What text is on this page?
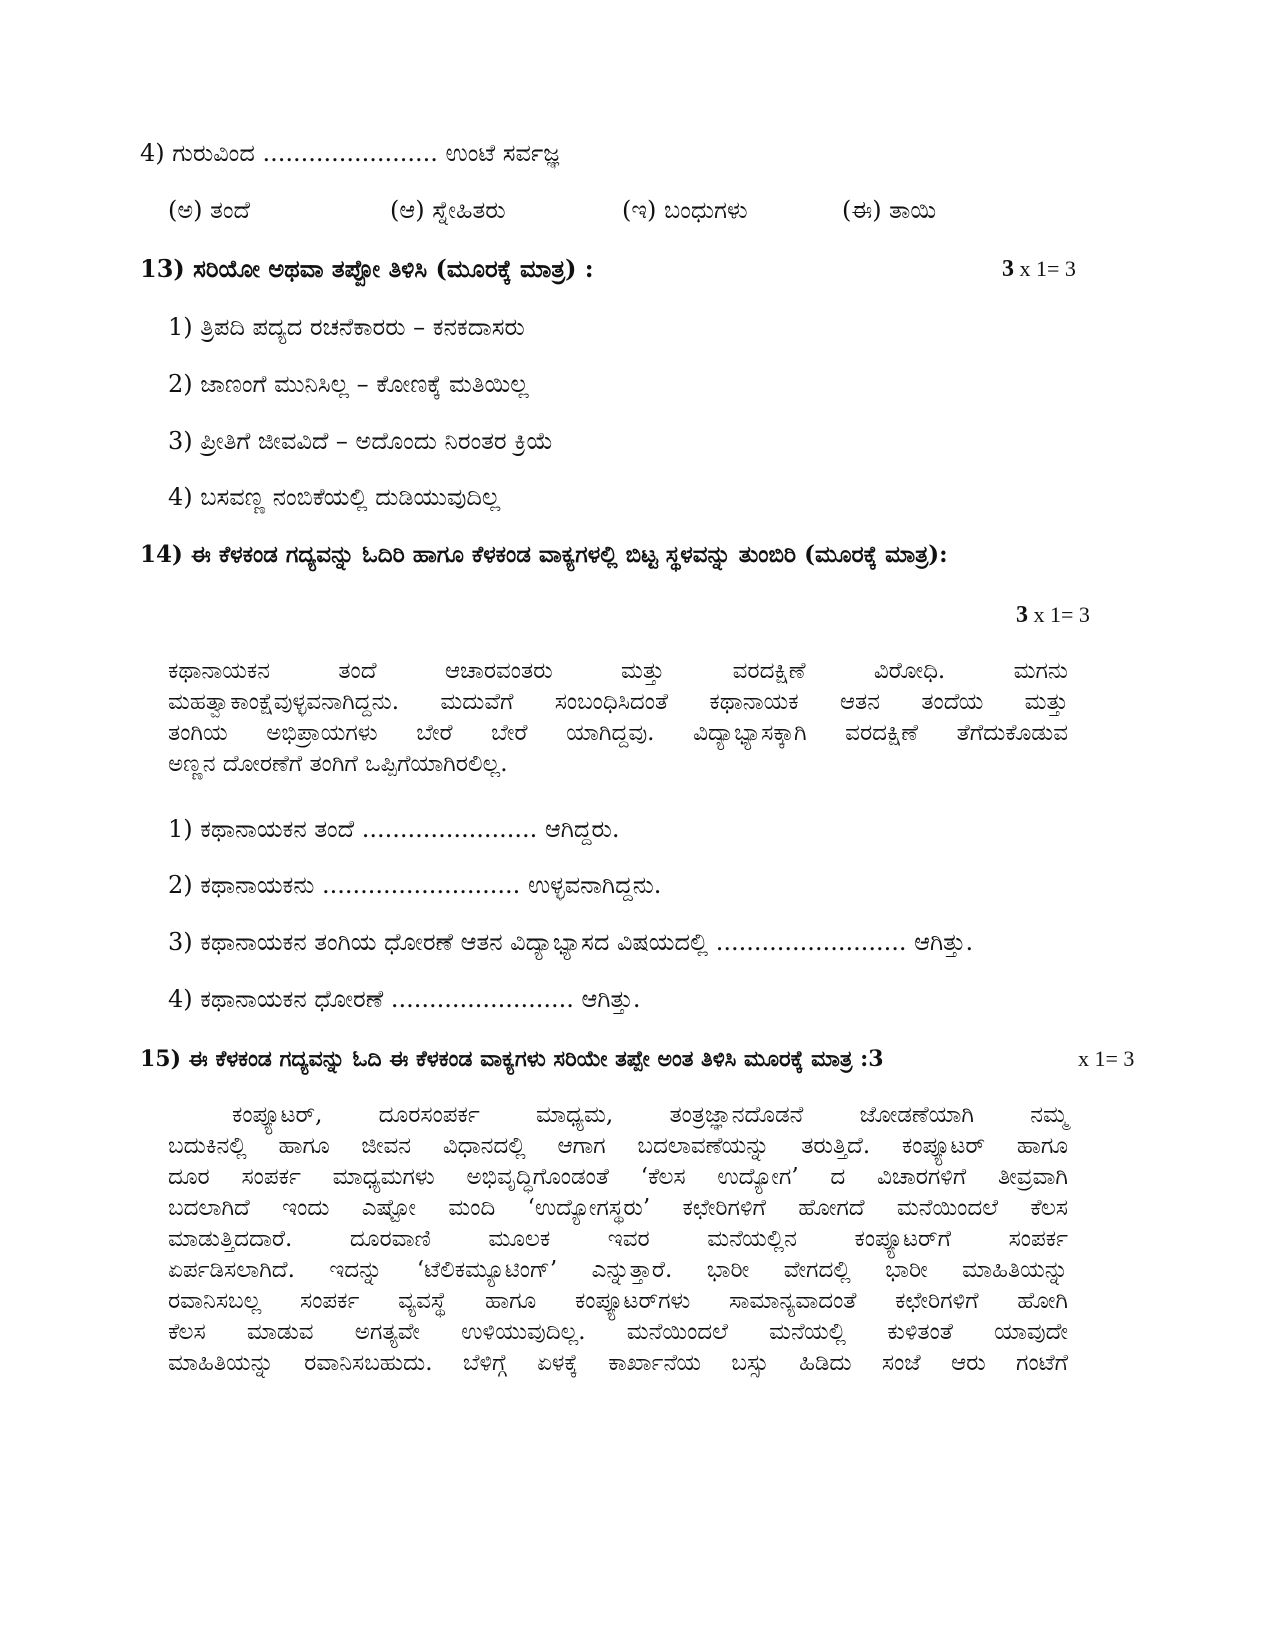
4) ಗುರುವಿಂದ ....................... ಉಂಟೆ ಸರ್ವಜ್ಞ
(ಅ) ತಂದೆ	(ಆ) ಸ್ನೇಹಿತರು	(ಇ) ಬಂಧುಗಳು	(ಈ) ತಾಯಿ
13) ಸರಿಯೋ ಅಥವಾ ತಪ್ಪೋ ತಿಳಿಸಿ (ಮೂರಕ್ಕೆ ಮಾತ್ರ) :	3 x 1= 3
1) ತ್ರಿಪದಿ ಪದ್ಯದ ರಚನೆಕಾರರು – ಕನಕದಾಸರು
2) ಜಾಣಂಗೆ ಮುನಿಸಿಲ್ಲ – ಕೋಣಕ್ಕೆ ಮತಿಯಿಲ್ಲ
3) ಪ್ರೀತಿಗೆ ಜೀವವಿದೆ – ಅದೊಂದು ನಿರಂತರ ಕ್ರಿಯೆ
4) ಬಸವಣ್ಣ ನಂಬಿಕೆಯಲ್ಲಿ ದುಡಿಯುವುದಿಲ್ಲ
14) ಈ ಕೆಳಕಂಡ ಗದ್ಯವನ್ನು ಓದಿರಿ ಹಾಗೂ ಕೆಳಕಂಡ ವಾಕ್ಯಗಳಲ್ಲಿ ಬಿಟ್ಟ ಸ್ಥಳವನ್ನು ತುಂಬಿರಿ (ಮೂರಕ್ಕೆ ಮಾತ್ರ):
3 x 1= 3
ಕಥಾನಾಯಕನ ತಂದೆ ಆಚಾರವಂತರು ಮತ್ತು ವರದಕ್ಷಿಣೆ ವಿರೋಧಿ. ಮಗನು
ಮಹತ್ವಾಕಾಂಕ್ಷೆವುಳ್ಳವನಾಗಿದ್ದನು. ಮದುವೆಗೆ ಸಂಬಂಧಿಸಿದಂತೆ ಕಥಾನಾಯಕ ಆತನ ತಂದೆಯ ಮತ್ತು
ತಂಗಿಯ ಅಭಿಪ್ರಾಯಗಳು ಬೇರೆ ಬೇರೆ ಯಾಗಿದ್ದವು. ವಿದ್ಯಾಭ್ಯಾಸಕ್ಕಾಗಿ ವರದಕ್ಷಿಣೆ ತೆಗೆದುಕೊಡುವ
ಅಣ್ಣನ ದೋರಣೆಗೆ ತಂಗಿಗೆ ಒಪ್ಪಿಗೆಯಾಗಿರಲಿಲ್ಲ.
1) ಕಥಾನಾಯಕನ ತಂದೆ ....................... ಆಗಿದ್ದರು.
2) ಕಥಾನಾಯಕನು .......................... ಉಳ್ಳವನಾಗಿದ್ದನು.
3) ಕಥಾನಾಯಕನ ತಂಗಿಯ ಧೋರಣೆ ಆತನ ವಿದ್ಯಾಭ್ಯಾಸದ ವಿಷಯದಲ್ಲಿ ......................... ಆಗಿತ್ತು.
4) ಕಥಾನಾಯಕನ ಧೋರಣೆ ........................ ಆಗಿತ್ತು.
15) ಈ ಕೆಳಕಂಡ ಗದ್ಯವನ್ನು ಓದಿ ಈ ಕೆಳಕಂಡ ವಾಕ್ಯಗಳು ಸರಿಯೇ ತಪ್ಪೇ ಅಂತ ತಿಳಿಸಿ ಮೂರಕ್ಕೆ ಮಾತ್ರ :3	x 1= 3
ಕಂಪ್ಯೂಟರ್, ದೂರಸಂಪರ್ಕ ಮಾಧ್ಯಮ, ತಂತ್ರಜ್ಞಾನದೊಡನೆ ಜೋಡಣೆಯಾಗಿ ನಮ್ಮ
ಬದುಕಿನಲ್ಲಿ ಹಾಗೂ ಜೀವನ ವಿಧಾನದಲ್ಲಿ ಆಗಾಗ ಬದಲಾವಣೆಯನ್ನು ತರುತ್ತಿದೆ. ಕಂಪ್ಯೂಟರ್ ಹಾಗೂ
ದೂರ ಸಂಪರ್ಕ ಮಾಧ್ಯಮಗಳು ಅಭಿವೃದ್ಧಿಗೊಂಡಂತೆ ‘ಕೆಲಸ ಉದ್ಯೋಗ’ ದ ವಿಚಾರಗಳಿಗೆ ತೀವ್ರವಾಗಿ
ಬದಲಾಗಿದೆ ಇಂದು ಎಷ್ಟೋ ಮಂದಿ ‘ಉದ್ಯೋಗಸ್ಥರು’ ಕಛೇರಿಗಳಿಗೆ ಹೋಗದೆ ಮನೆಯಿಂದಲೆ ಕೆಲಸ
ಮಾಡುತ್ತಿದದಾರೆ. ದೂರವಾಣಿ ಮೂಲಕ ಇವರ ಮನೆಯಲ್ಲಿನ ಕಂಪ್ಯೂಟರ್‌ಗೆ ಸಂಪರ್ಕ
ಏರ್ಪಡಿಸಲಾಗಿದೆ. ಇದನ್ನು ‘ಟೆಲಿಕಮ್ಯೂಟಿಂಗ್’ ಎನ್ನುತ್ತಾರೆ. ಭಾರೀ ವೇಗದಲ್ಲಿ ಭಾರೀ ಮಾಹಿತಿಯನ್ನು
ರವಾನಿಸಬಲ್ಲ ಸಂಪರ್ಕ ವ್ಯವಸ್ಥೆ ಹಾಗೂ ಕಂಪ್ಯೂಟರ್‌ಗಳು ಸಾಮಾನ್ಯವಾದಂತೆ ಕಛೇರಿಗಳಿಗೆ ಹೋಗಿ
ಕೆಲಸ ಮಾಡುವ ಅಗತ್ಯವೇ ಉಳಿಯುವುದಿಲ್ಲ. ಮನೆಯಿಂದಲೆ ಮನೆಯಲ್ಲಿ ಕುಳಿತಂತೆ ಯಾವುದೇ
ಮಾಹಿತಿಯನ್ನು ರವಾನಿಸಬಹುದು. ಬೆಳಿಗ್ಗೆ ಏಳಕ್ಕೆ ಕಾರ್ಖಾನೆಯ ಬಸ್ಸು ಹಿಡಿದು ಸಂಜೆ ಆರು ಗಂಟೆಗೆ
